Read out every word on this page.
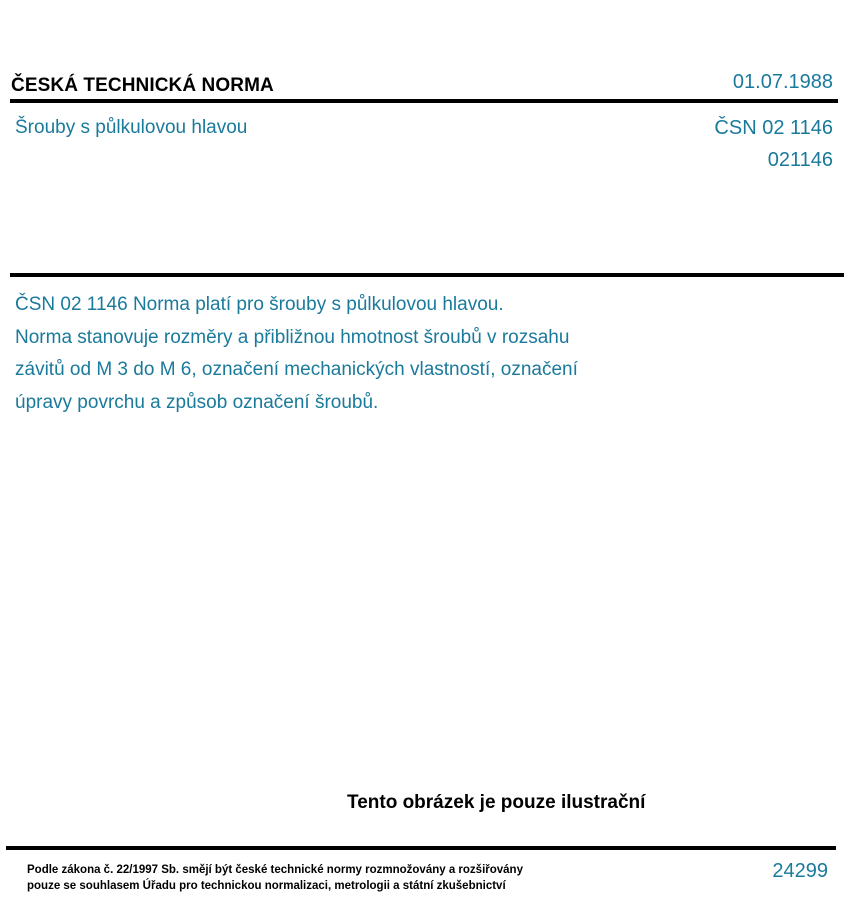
ČESKÁ TECHNICKÁ NORMA	01.07.1988
Šrouby s půlkulovou hlavou	ČSN 02 1146
021146
ČSN 02 1146 Norma platí pro šrouby s půlkulovou hlavou.
Norma stanovuje rozměry a přibližnou hmotnost šroubů v rozsahu
závitů od M 3 do M 6, označení mechanických vlastností, označení
úpravy povrchu a způsob označení šroubů.
Tento obrázek je pouze ilustrační
Podle zákona č. 22/1997 Sb. smějí být české technické normy rozmnožovány a rozšiřovány
pouze se souhlasem Úřadu pro technickou normalizaci, metrologii a státní zkušebnictví
24299
